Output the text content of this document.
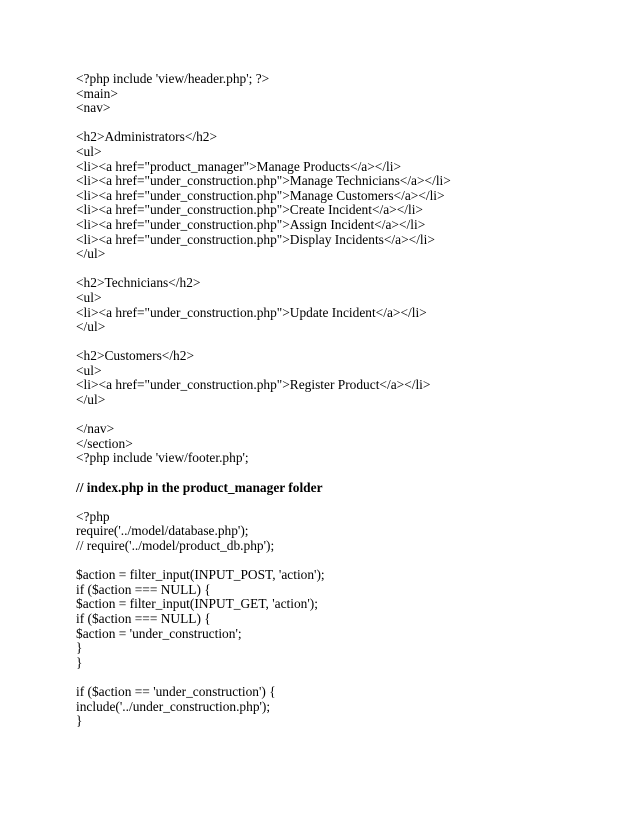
<?php include 'view/header.php'; ?>
<main>
<nav>
<h2>Administrators</h2>
<ul>
<li><a href="product_manager">Manage Products</a></li>
<li><a href="under_construction.php">Manage Technicians</a></li>
<li><a href="under_construction.php">Manage Customers</a></li>
<li><a href="under_construction.php">Create Incident</a></li>
<li><a href="under_construction.php">Assign Incident</a></li>
<li><a href="under_construction.php">Display Incidents</a></li>
</ul>
<h2>Technicians</h2>
<ul>
<li><a href="under_construction.php">Update Incident</a></li>
</ul>
<h2>Customers</h2>
<ul>
<li><a href="under_construction.php">Register Product</a></li>
</ul>
</nav>
</section>
<?php include 'view/footer.php';
// index.php in the product_manager folder
<?php
require('../model/database.php');
// require('../model/product_db.php');
$action = filter_input(INPUT_POST, 'action');
if ($action === NULL) {
$action = filter_input(INPUT_GET, 'action');
if ($action === NULL) {
$action = 'under_construction';
}
}
if ($action == 'under_construction') {
include('../under_construction.php');
}
